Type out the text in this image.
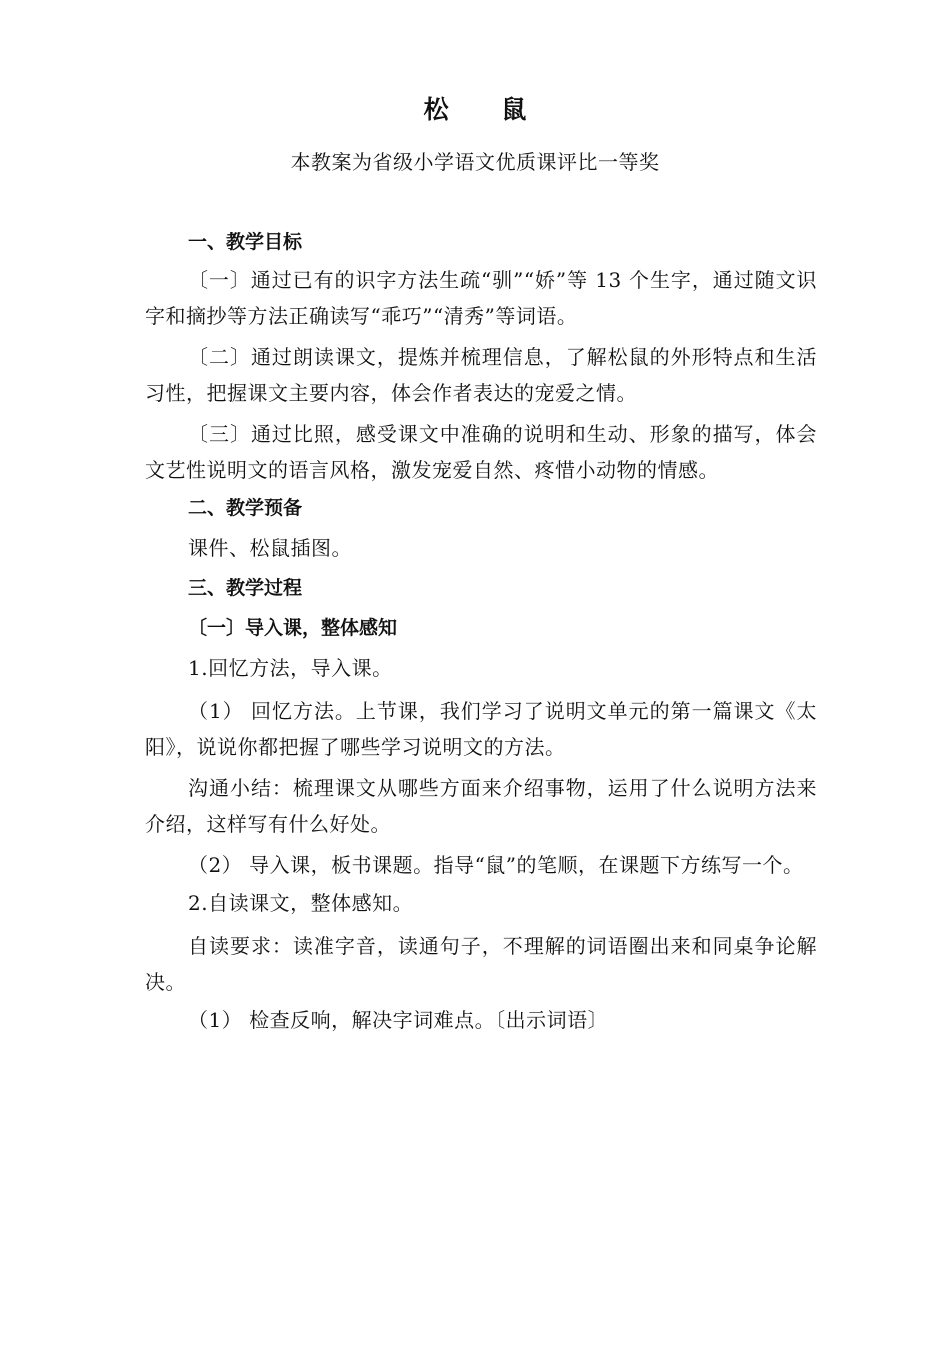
松 鼠
本教案为省级小学语文优质课评比一等奖
一、教学目标

〔一〕通过已有的识字方法生疏“驯”“娇”等 13 个生字，通过随文识字和摘抄等方法正确读写“乖巧”“清秀”等词语。

〔二〕通过朗读课文，提炼并梳理信息，了解松鼠的外形特点和生活习性，把握课文主要内容，体会作者表达的宠爱之情。

〔三〕通过比照，感受课文中准确的说明和生动、形象的描写，体会文艺性说明文的语言风格，激发宠爱自然、疼惜小动物的情感。

二、教学预备

课件、松鼠插图。

三、教学过程
〔一〕导入课，整体感知

1.回忆方法，导入课。

（1） 回忆方法。上节课，我们学习了说明文单元的第一篇课文《太阳》，说说你都把握了哪些学习说明文的方法。

沟通小结：梳理课文从哪些方面来介绍事物，运用了什么说明方法来介绍，这样写有什么好处。

（2） 导入课，板书课题。指导“鼠”的笔顺，在课题下方练写一个。

2.自读课文，整体感知。

自读要求：读准字音，读通句子，不理解的词语圈出来和同桌争论解决。

（1） 检查反响，解决字词难点。〔出示词语〕
